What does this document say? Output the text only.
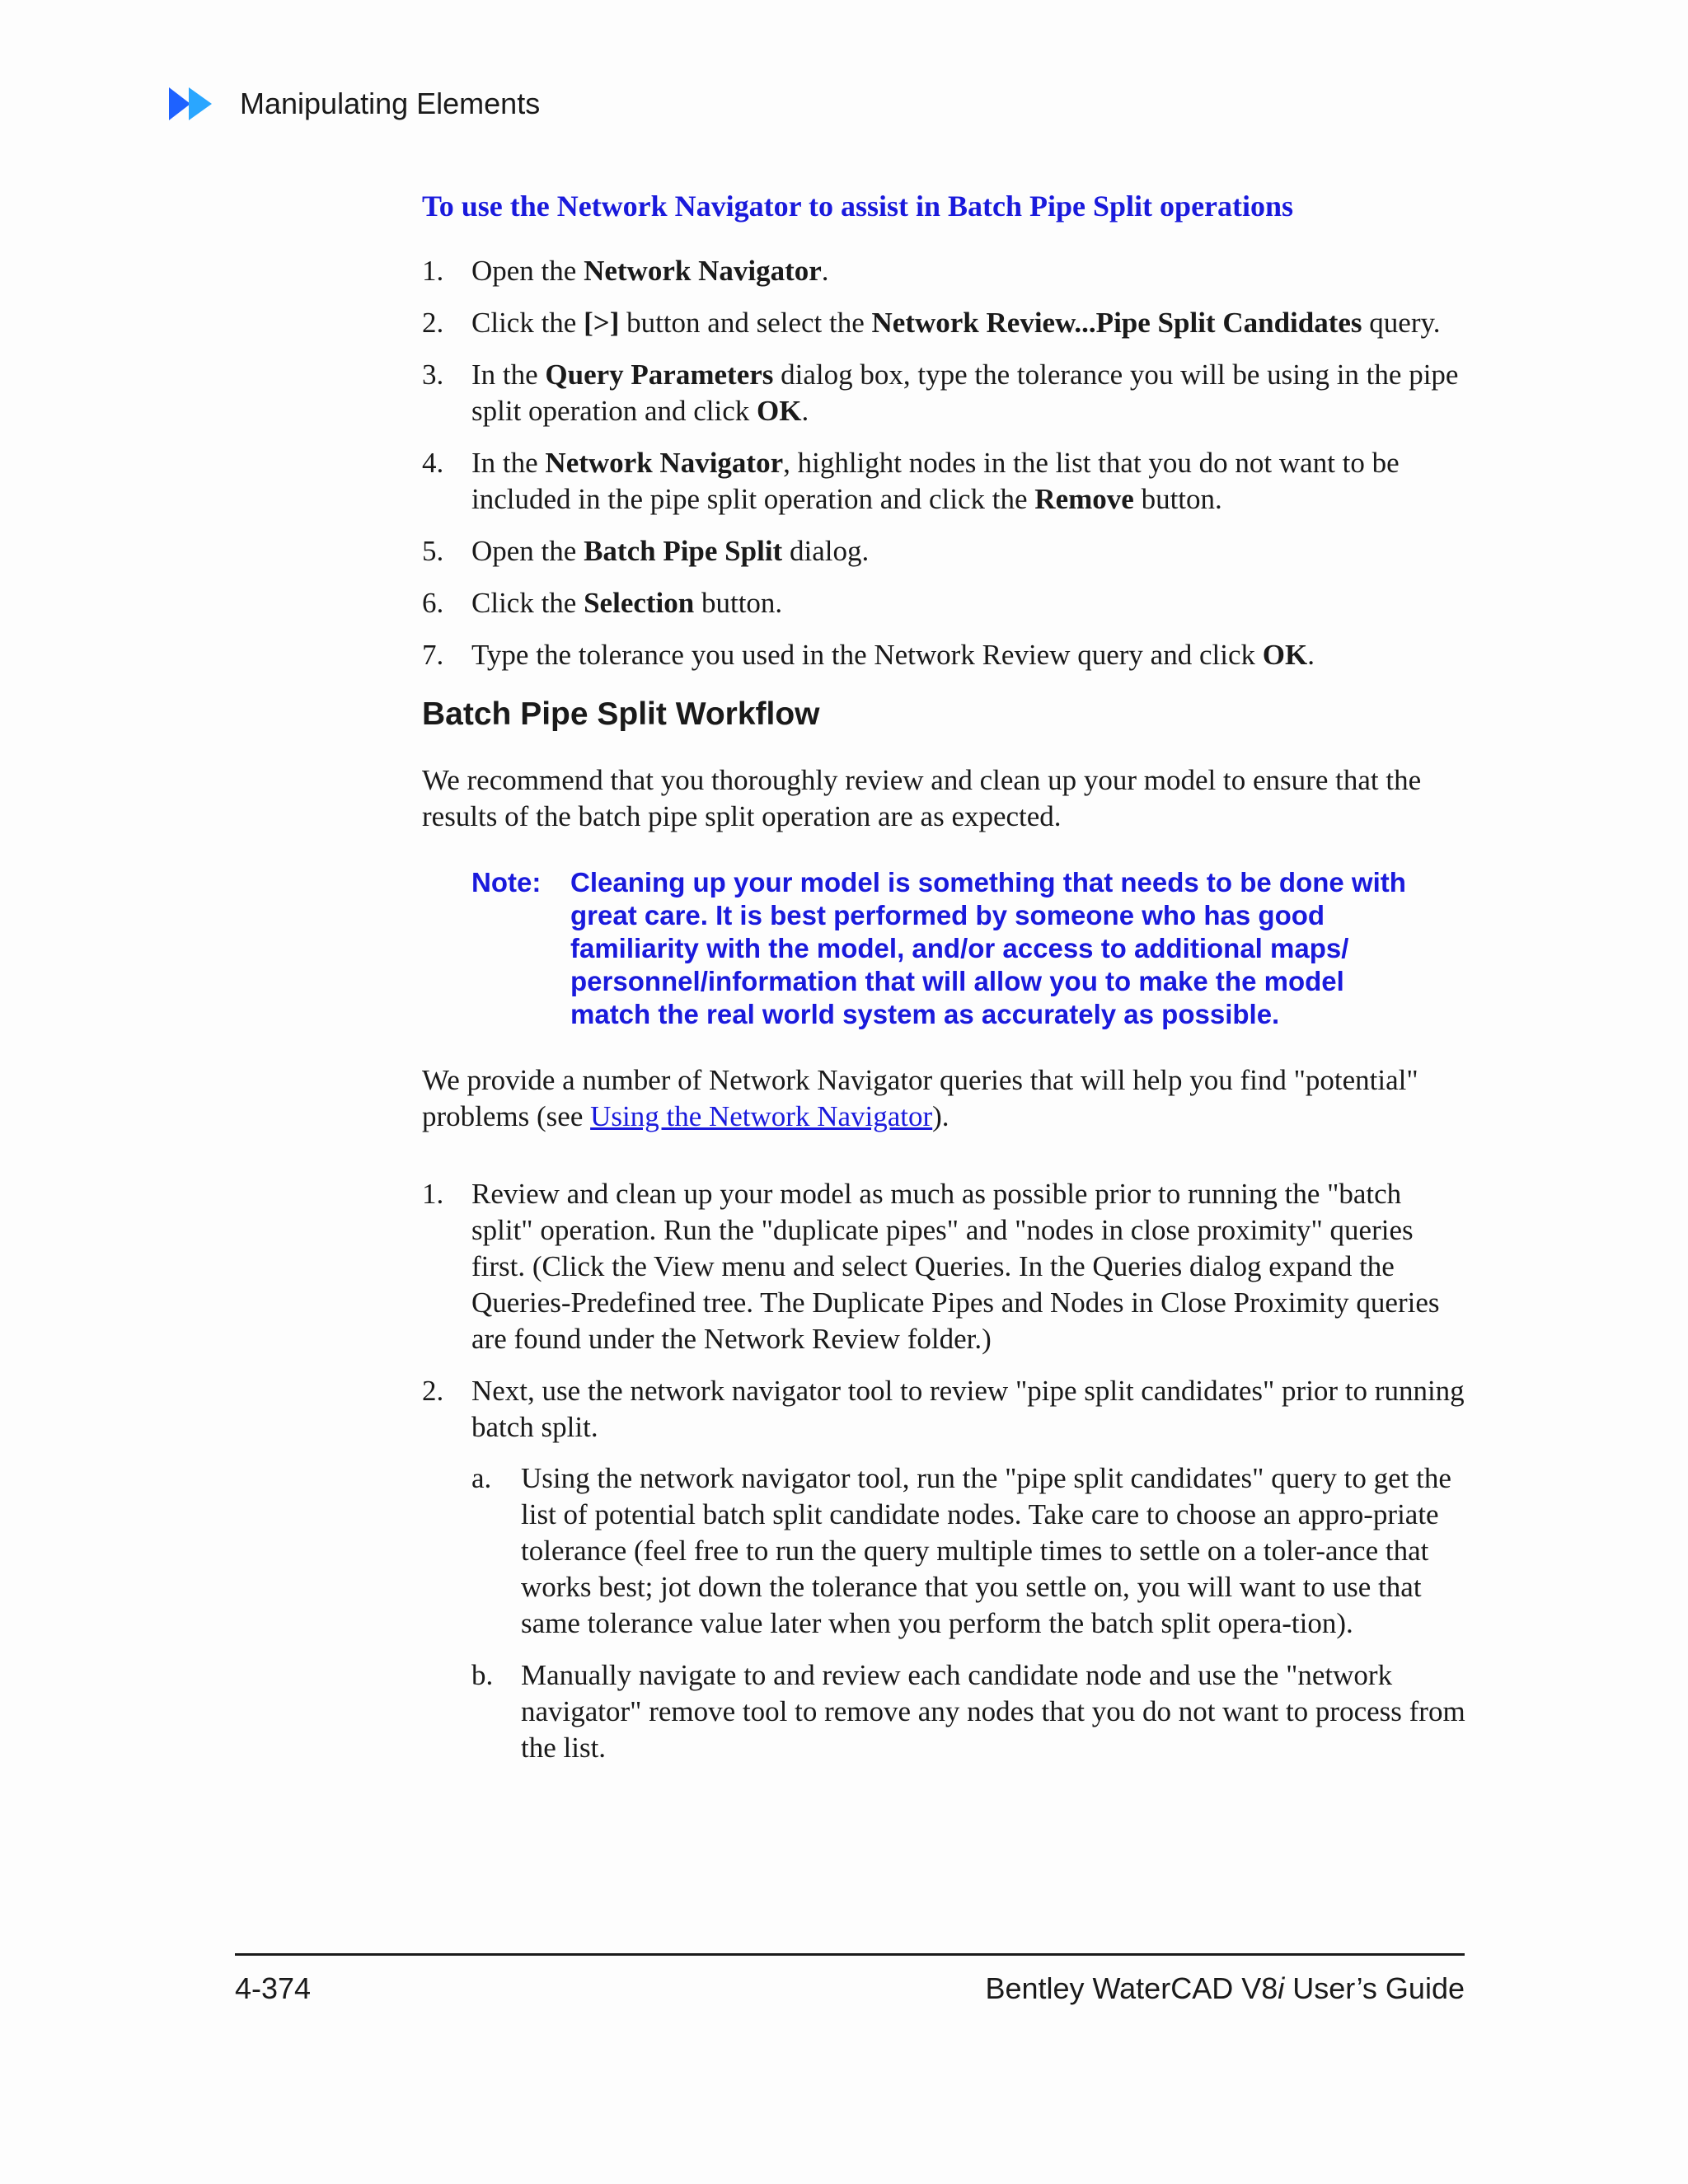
Manipulating Elements
To use the Network Navigator to assist in Batch Pipe Split operations
1. Open the Network Navigator.
2. Click the [>] button and select the Network Review...Pipe Split Candidates query.
3. In the Query Parameters dialog box, type the tolerance you will be using in the pipe split operation and click OK.
4. In the Network Navigator, highlight nodes in the list that you do not want to be included in the pipe split operation and click the Remove button.
5. Open the Batch Pipe Split dialog.
6. Click the Selection button.
7. Type the tolerance you used in the Network Review query and click OK.
Batch Pipe Split Workflow

We recommend that you thoroughly review and clean up your model to ensure that the results of the batch pipe split operation are as expected.

Note:	Cleaning up your model is something that needs to be done with great care. It is best performed by someone who has good familiarity with the model, and/or access to additional maps/ personnel/information that will allow you to make the model match the real world system as accurately as possible.

We provide a number of Network Navigator queries that will help you find "potential" problems (see Using the Network Navigator).

1. Review and clean up your model as much as possible prior to running the "batch split" operation. Run the "duplicate pipes" and "nodes in close proximity" queries first. (Click the View menu and select Queries. In the Queries dialog expand the Queries-Predefined tree. The Duplicate Pipes and Nodes in Close Proximity queries are found under the Network Review folder.)
2. Next, use the network navigator tool to review "pipe split candidates" prior to running batch split.
a. Using the network navigator tool, run the "pipe split candidates" query to get the list of potential batch split candidate nodes. Take care to choose an appro-priate tolerance (feel free to run the query multiple times to settle on a toler-ance that works best; jot down the tolerance that you settle on, you will want to use that same tolerance value later when you perform the batch split opera-tion).
b. Manually navigate to and review each candidate node and use the "network navigator" remove tool to remove any nodes that you do not want to process from the list.
4-374	Bentley WaterCAD V8i User’s Guide
